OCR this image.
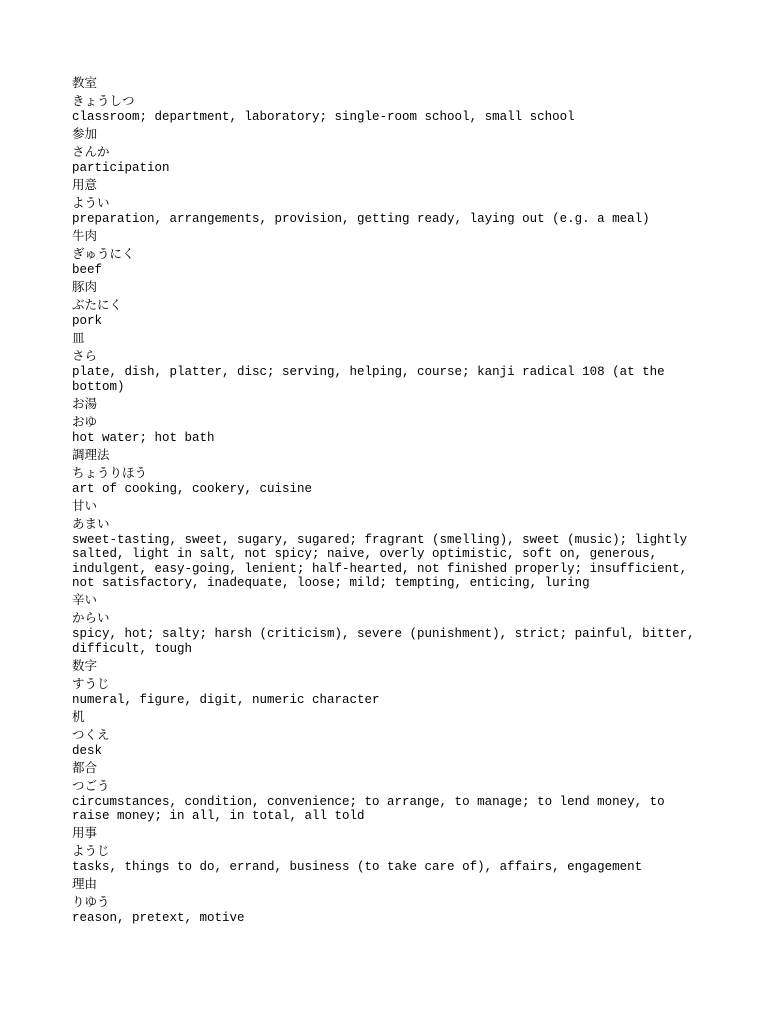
教室
きょうしつ
classroom; department, laboratory; single-room school, small school
参加
さんか
participation
用意
ようい
preparation, arrangements, provision, getting ready, laying out (e.g. a meal)
牛肉
ぎゅうにく
beef
豚肉
ぶたにく
pork
皿
さら
plate, dish, platter, disc; serving, helping, course; kanji radical 108 (at the
bottom)
お湯
おゆ
hot water; hot bath
調理法
ちょうりほう
art of cooking, cookery, cuisine
甘い
あまい
sweet-tasting, sweet, sugary, sugared; fragrant (smelling), sweet (music); lightly
salted, light in salt, not spicy; naive, overly optimistic, soft on, generous,
indulgent, easy-going, lenient; half-hearted, not finished properly; insufficient,
not satisfactory, inadequate, loose; mild; tempting, enticing, luring
辛い
からい
spicy, hot; salty; harsh (criticism), severe (punishment), strict; painful, bitter,
difficult, tough
数字
すうじ
numeral, figure, digit, numeric character
机
つくえ
desk
都合
つごう
circumstances, condition, convenience; to arrange, to manage; to lend money, to
raise money; in all, in total, all told
用事
ようじ
tasks, things to do, errand, business (to take care of), affairs, engagement
理由
りゆう
reason, pretext, motive
